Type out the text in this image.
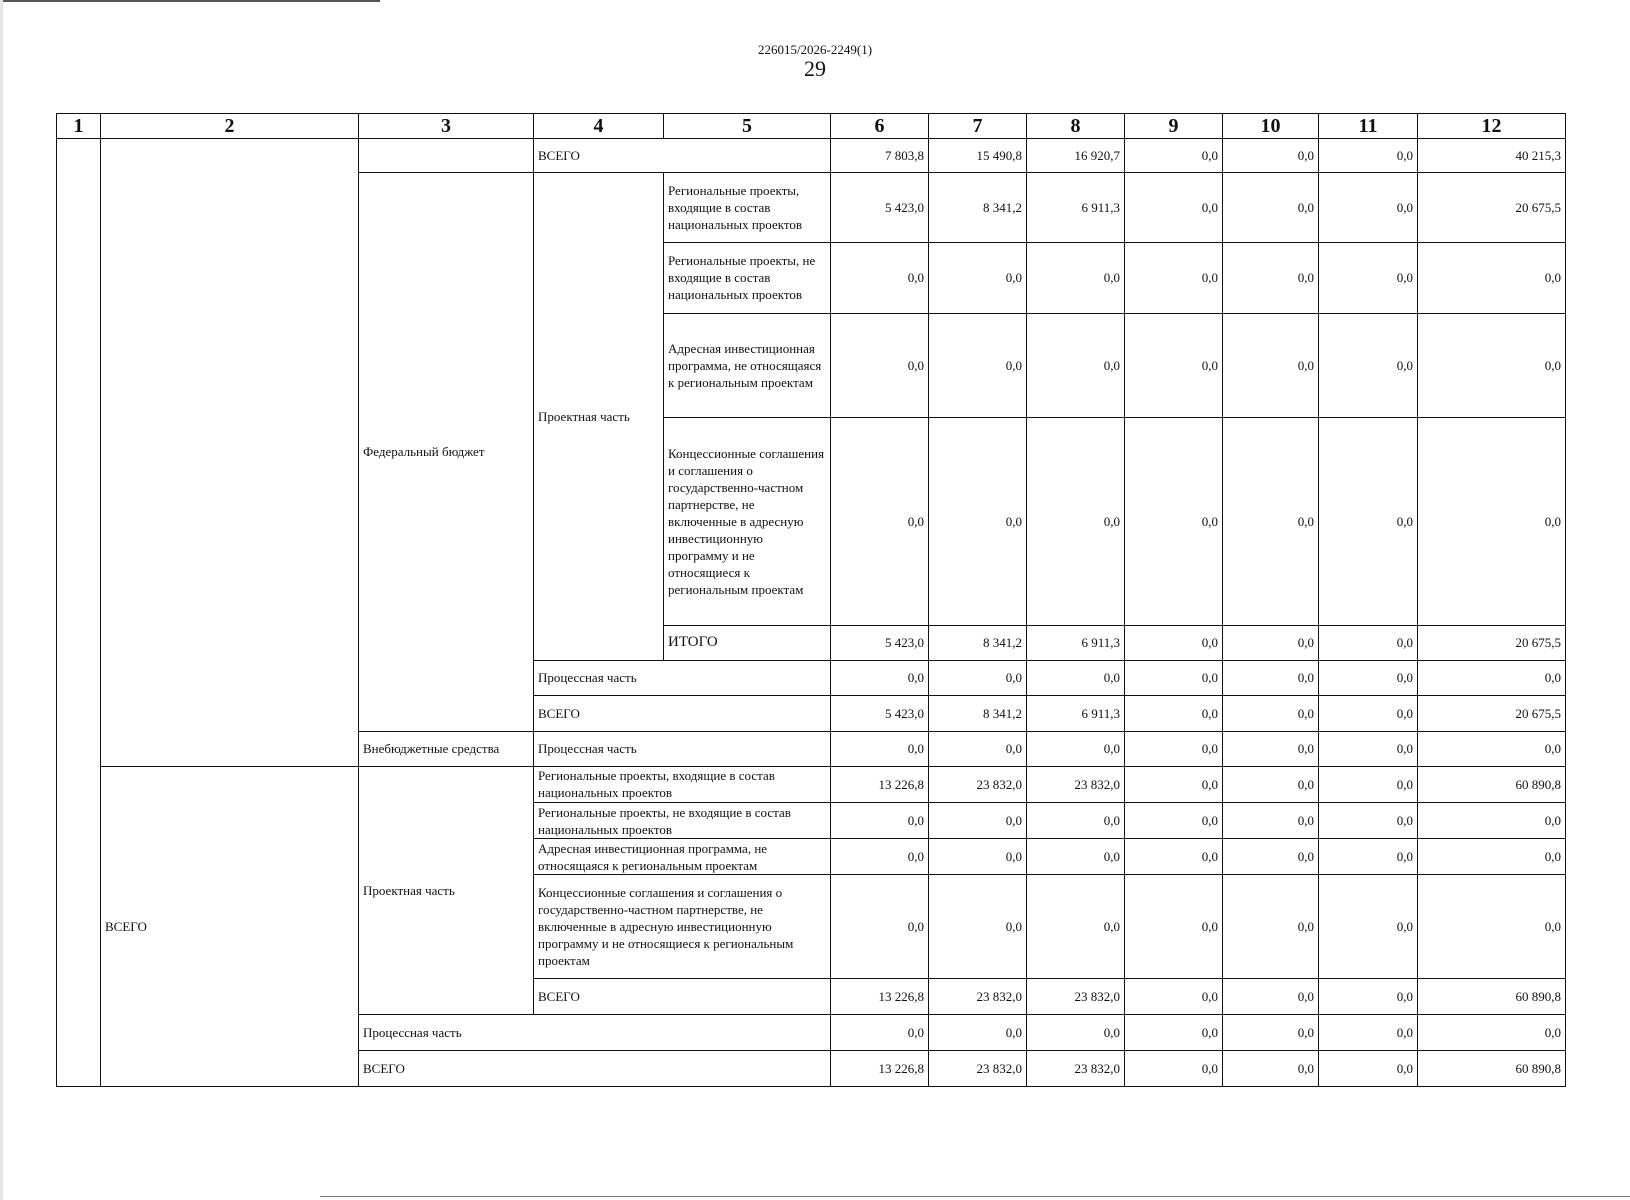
226015/2026-2249(1)
29
1	2	3	4	5	6	7	8	9	10	11	12
			ВСЕГО		7 803,8	15 490,8	16 920,7	0,0	0,0	0,0	40 215,3
		Федеральный бюджет	Проектная часть	Региональные проекты, входящие в состав национальных проектов	5 423,0	8 341,2	6 911,3	0,0	0,0	0,0	20 675,5
				Региональные проекты, не входящие в состав национальных проектов	0,0	0,0	0,0	0,0	0,0	0,0	0,0
				Адресная инвестиционная программа, не относящаяся к региональным проектам	0,0	0,0	0,0	0,0	0,0	0,0	0,0
				Концессионные соглашения и соглашения о государственно-частном партнерстве, не включенные в адресную инвестиционную программу и не относящиеся к региональным проектам	0,0	0,0	0,0	0,0	0,0	0,0	0,0
				ИТОГО	5 423,0	8 341,2	6 911,3	0,0	0,0	0,0	20 675,5
			Процессная часть		0,0	0,0	0,0	0,0	0,0	0,0	0,0
			ВСЕГО		5 423,0	8 341,2	6 911,3	0,0	0,0	0,0	20 675,5
		Внебюджетные средства	Процессная часть		0,0	0,0	0,0	0,0	0,0	0,0	0,0
	ВСЕГО	Проектная часть	Региональные проекты, входящие в состав национальных проектов		13 226,8	23 832,0	23 832,0	0,0	0,0	0,0	60 890,8
			Региональные проекты, не входящие в состав национальных проектов		0,0	0,0	0,0	0,0	0,0	0,0	0,0
			Адресная инвестиционная программа, не относящаяся к региональным проектам		0,0	0,0	0,0	0,0	0,0	0,0	0,0
			Концессионные соглашения и соглашения о государственно-частном партнерстве, не включенные в адресную инвестиционную программу и не относящиеся к региональным проектам		0,0	0,0	0,0	0,0	0,0	0,0	0,0
			ВСЕГО		13 226,8	23 832,0	23 832,0	0,0	0,0	0,0	60 890,8
		Процессная часть			0,0	0,0	0,0	0,0	0,0	0,0	0,0
		ВСЕГО			13 226,8	23 832,0	23 832,0	0,0	0,0	0,0	60 890,8
